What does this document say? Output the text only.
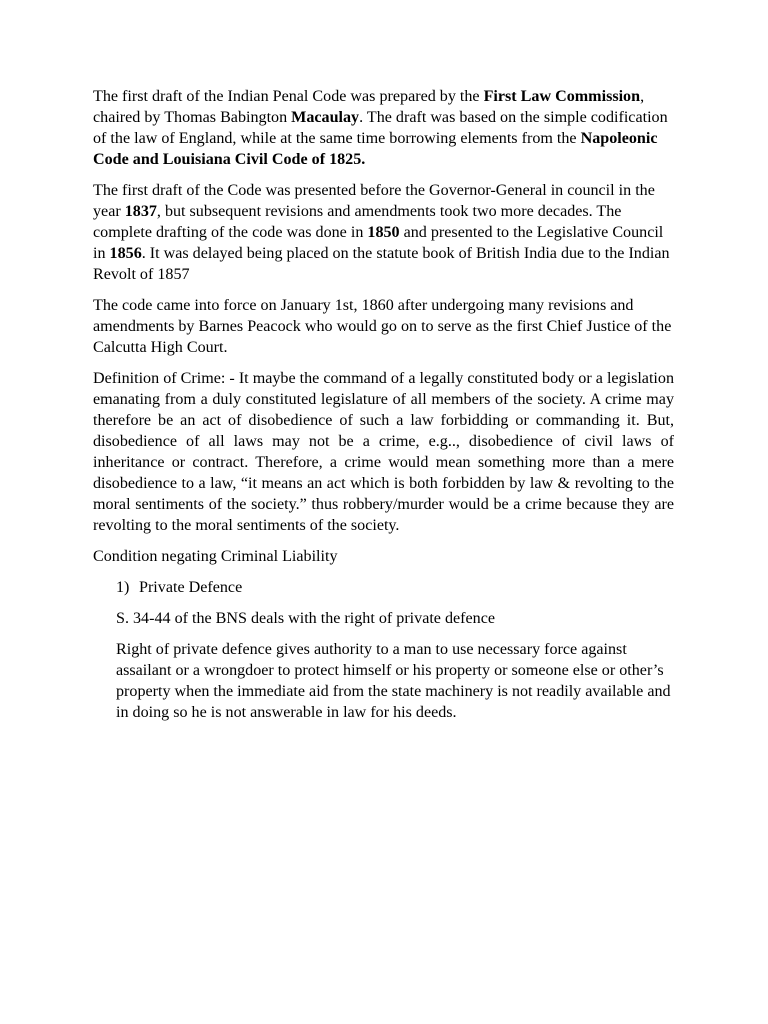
The first draft of the Indian Penal Code was prepared by the First Law Commission, chaired by Thomas Babington Macaulay. The draft was based on the simple codification of the law of England, while at the same time borrowing elements from the Napoleonic Code and Louisiana Civil Code of 1825.

The first draft of the Code was presented before the Governor-General in council in the year 1837, but subsequent revisions and amendments took two more decades. The complete drafting of the code was done in 1850 and presented to the Legislative Council in 1856. It was delayed being placed on the statute book of British India due to the Indian Revolt of 1857

The code came into force on January 1st, 1860 after undergoing many revisions and amendments by Barnes Peacock who would go on to serve as the first Chief Justice of the Calcutta High Court.

Definition of Crime: - It maybe the command of a legally constituted body or a legislation emanating from a duly constituted legislature of all members of the society. A crime may therefore be an act of disobedience of such a law forbidding or commanding it. But, disobedience of all laws may not be a crime, e.g.., disobedience of civil laws of inheritance or contract. Therefore, a crime would mean something more than a mere disobedience to a law, “it means an act which is both forbidden by law & revolting to the moral sentiments of the society.” thus robbery/murder would be a crime because they are revolting to the moral sentiments of the society.

Condition negating Criminal Liability

1) Private Defence

S. 34-44 of the BNS deals with the right of private defence

Right of private defence gives authority to a man to use necessary force against assailant or a wrongdoer to protect himself or his property or someone else or other’s property when the immediate aid from the state machinery is not readily available and in doing so he is not answerable in law for his deeds.
